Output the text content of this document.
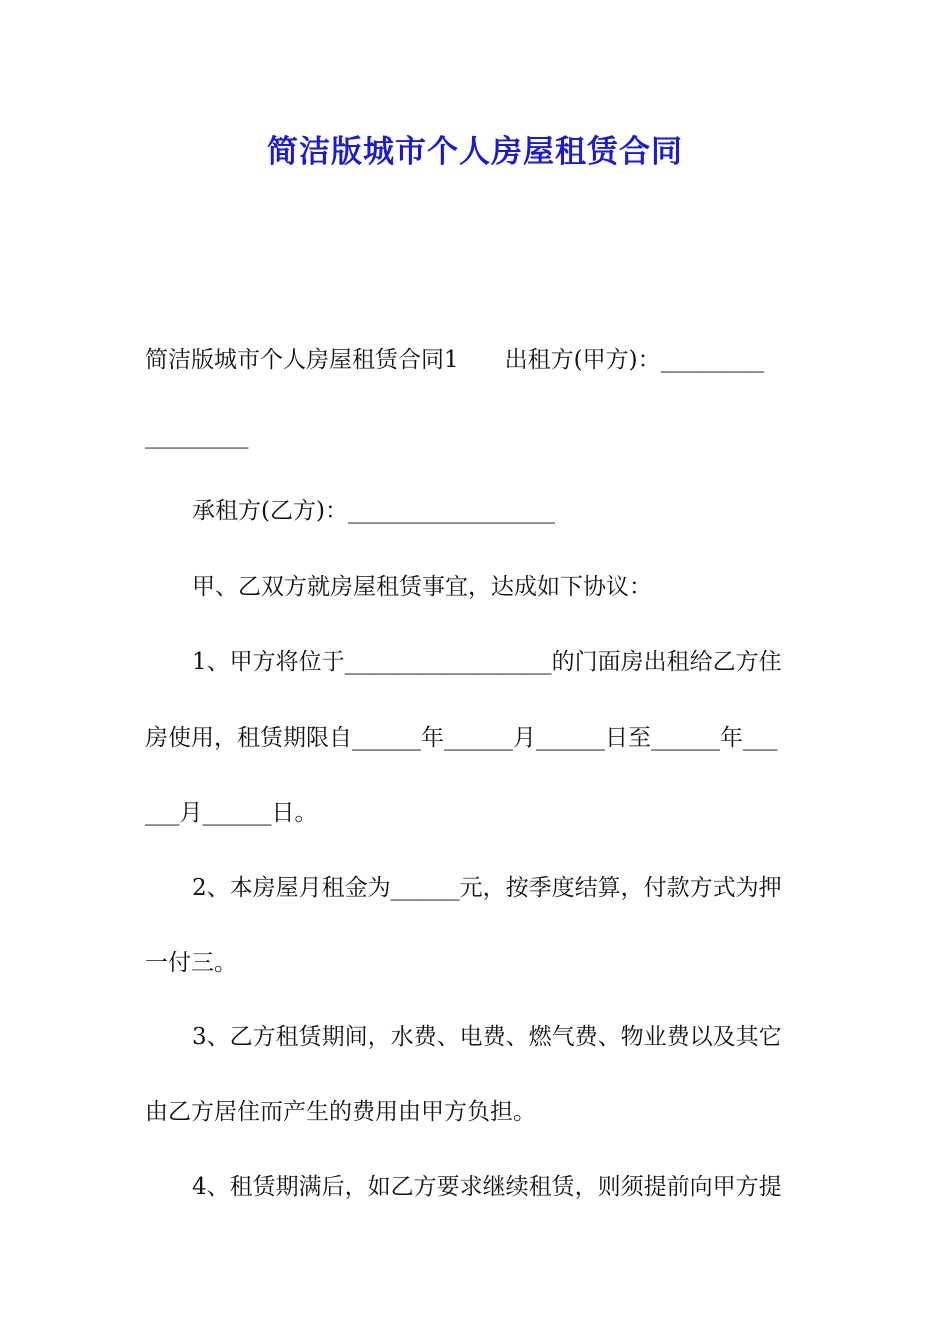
简洁版城市个人房屋租赁合同
简洁版城市个人房屋租赁合同1　　出租方(甲方)：_________
_________
承租方(乙方)：__________________
甲、乙双方就房屋租赁事宜，达成如下协议：
1、甲方将位于__________________的门面房出租给乙方住
房使用，租赁期限自______年______月______日至______年___
___月______日。
2、本房屋月租金为______元，按季度结算，付款方式为押
一付三。
3、乙方租赁期间，水费、电费、燃气费、物业费以及其它
由乙方居住而产生的费用由甲方负担。
4、租赁期满后，如乙方要求继续租赁，则须提前向甲方提
